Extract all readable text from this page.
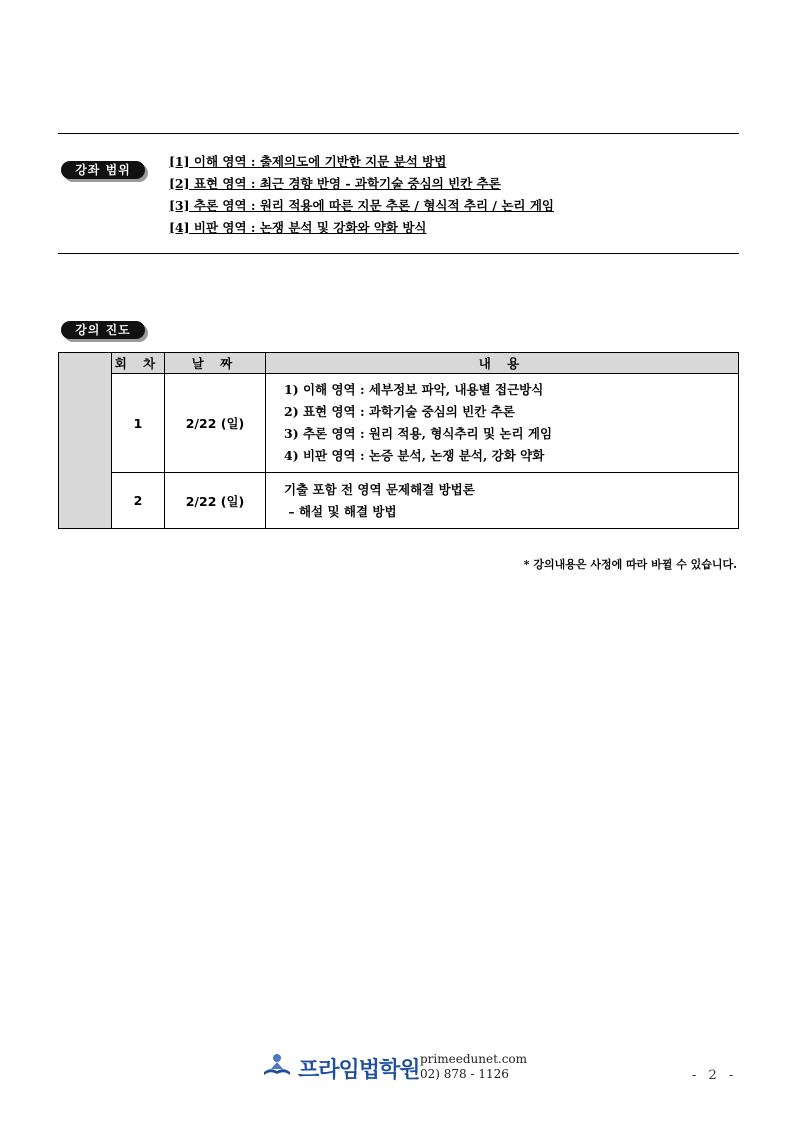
강좌 범위
[1] 이해 영역 : 출제의도에 기반한 지문 분석 방법
[2] 표현 영역 : 최근 경향 반영 - 과학기술 중심의 빈칸 추론
[3] 추론 영역 : 원리 적용에 따른 지문 추론 / 형식적 추리 / 논리 게임
[4] 비판 영역 : 논쟁 분석 및 강화와 약화 방식
강의 진도
	회 차	날 짜	내 용
	1	2/22 (일)	1) 이해 영역 : 세부정보 파악, 내용별 접근방식
2) 표현 영역 : 과학기술 중심의 빈칸 추론
3) 추론 영역 : 원리 적용, 형식추리 및 논리 게임
4) 비판 영역 : 논증 분석, 논쟁 분석, 강화 약화

	2	2/22 (일)	기출 포함 전 영역 문제해결 방법론
– 해설 및 해결 방법
* 강의내용은 사정에 따라 바뀔 수 있습니다.
프라임법학원 primeedunet.com
02) 878 - 1126	- 2 -
